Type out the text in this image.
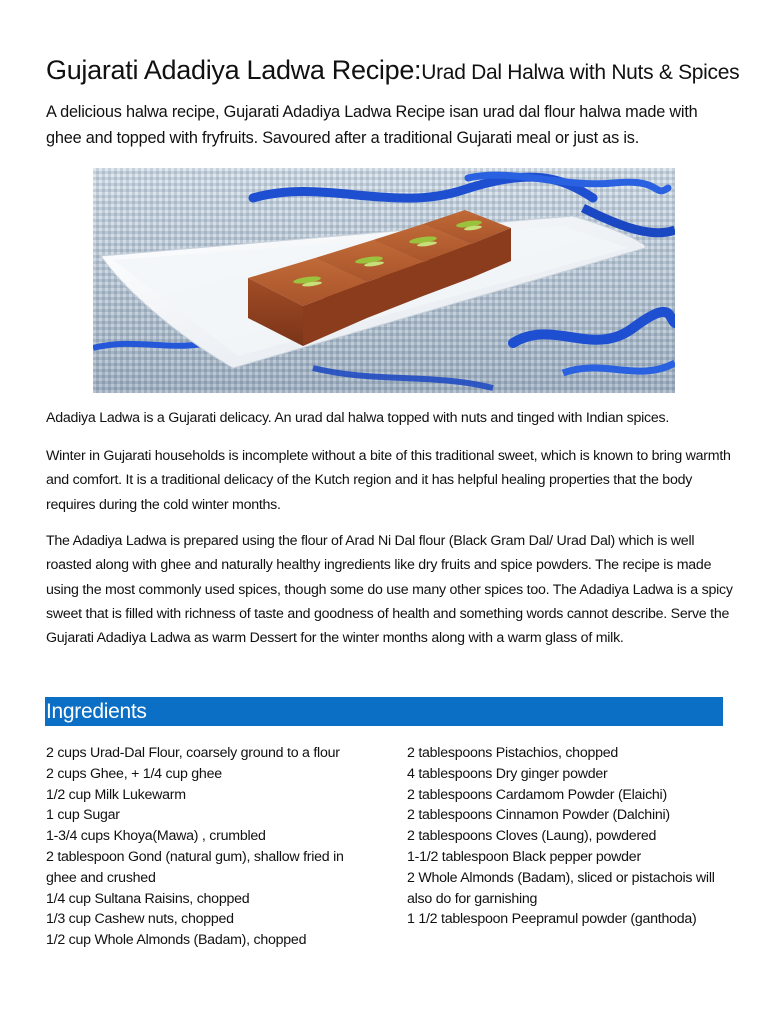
Gujarati Adadiya Ladwa Recipe:Urad Dal Halwa with Nuts & Spices

A delicious halwa recipe, Gujarati Adadiya Ladwa Recipe isan urad dal flour halwa made with ghee and topped with fryfruits. Savoured after a traditional Gujarati meal or just as is.

Adadiya Ladwa is a Gujarati delicacy. An urad dal halwa topped with nuts and tinged with Indian spices.

Winter in Gujarati households is incomplete without a bite of this traditional sweet, which is known to bring warmth and comfort. It is a traditional delicacy of the Kutch region and it has helpful healing properties that the body requires during the cold winter months.

The Adadiya Ladwa is prepared using the flour of Arad Ni Dal flour (Black Gram Dal/ Urad Dal) which is well roasted along with ghee and naturally healthy ingredients like dry fruits and spice powders. The recipe is made using the most commonly used spices, though some do use many other spices too. The Adadiya Ladwa is a spicy sweet that is filled with richness of taste and goodness of health and something words cannot describe. Serve the Gujarati Adadiya Ladwa as warm Dessert for the winter months along with a warm glass of milk.

Ingredients
2 cups Urad-Dal Flour, coarsely ground to a flour
2 cups Ghee, + 1/4 cup ghee
1/2 cup Milk Lukewarm
1 cup Sugar
1-3/4 cups Khoya(Mawa) , crumbled
2 tablespoon Gond (natural gum), shallow fried in ghee and crushed
1/4 cup Sultana Raisins, chopped
1/3 cup Cashew nuts, chopped
1/2 cup Whole Almonds (Badam), chopped
2 tablespoons Pistachios, chopped
4 tablespoons Dry ginger powder
2 tablespoons Cardamom Powder (Elaichi)
2 tablespoons Cinnamon Powder (Dalchini)
2 tablespoons Cloves (Laung), powdered
1-1/2 tablespoon Black pepper powder
2 Whole Almonds (Badam), sliced or pistachois will also do for garnishing
1 1/2 tablespoon Peepramul powder (ganthoda)
